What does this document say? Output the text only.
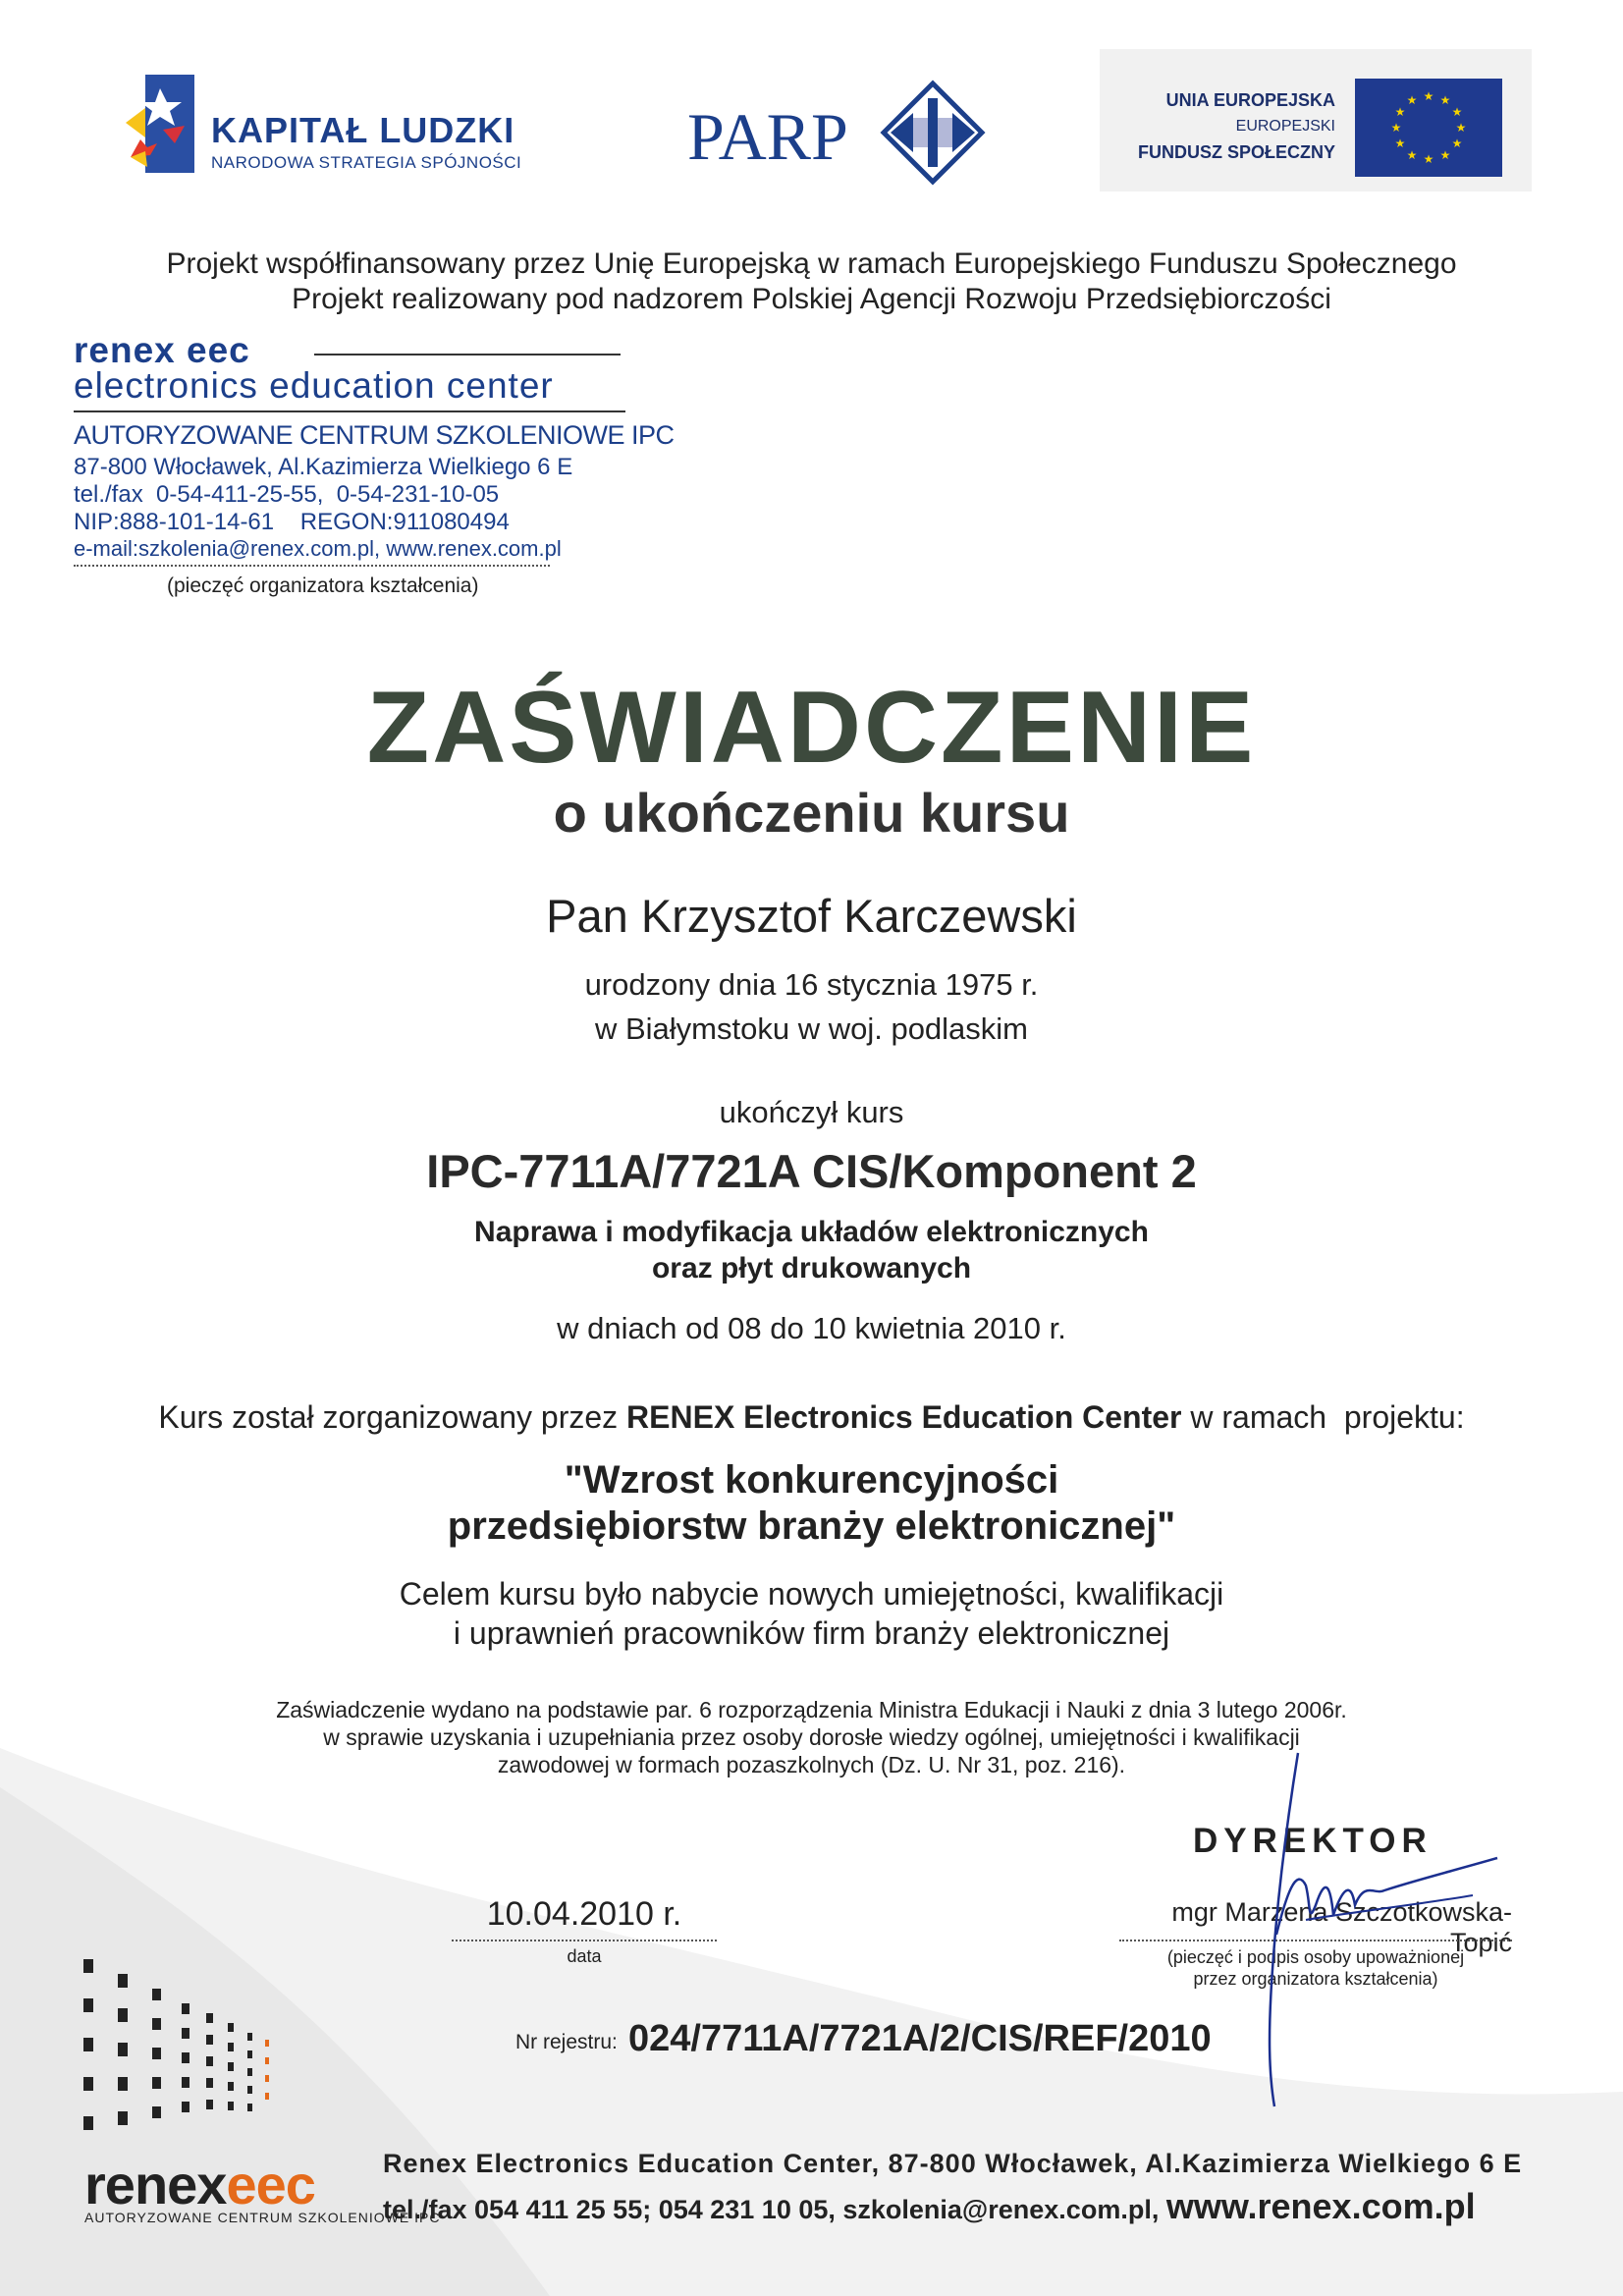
KAPITAŁ LUDZKI
NARODOWA STRATEGIA SPÓJNOŚCI PARP	UNIA EUROPEJSKA
EUROPEJSKI
FUNDUSZ SPOŁECZNY
★ ★
★
★
★
★
★
★
★
★
★
★
Projekt współfinansowany przez Unię Europejską w ramach Europejskiego Funduszu Społecznego
Projekt realizowany pod nadzorem Polskiej Agencji Rozwoju Przedsiębiorczości
renex eec
electronics education center
AUTORYZOWANE CENTRUM SZKOLENIOWE IPC
87-800 Włocławek, Al.Kazimierza Wielkiego 6 E
tel./fax  0-54-411-25-55,  0-54-231-10-05
NIP:888-101-14-61    REGON:911080494
e-mail:szkolenia@renex.com.pl, www.renex.com.pl
(pieczęć organizatora kształcenia)
ZAŚWIADCZENIE
o ukończeniu kursu
Pan Krzysztof Karczewski
urodzony dnia 16 stycznia 1975 r.
w Białymstoku w woj. podlaskim
ukończył kurs
IPC-7711A/7721A CIS/Komponent 2
Naprawa i modyfikacja układów elektronicznych
oraz płyt drukowanych
w dniach od 08 do 10 kwietnia 2010 r.
Kurs został zorganizowany przez RENEX Electronics Education Center w ramach  projektu:
"Wzrost konkurencyjności
przedsiębiorstw branży elektronicznej"
Celem kursu było nabycie nowych umiejętności, kwalifikacji
i uprawnień pracowników firm branży elektronicznej
Zaświadczenie wydano na podstawie par. 6 rozporządzenia Ministra Edukacji i Nauki z dnia 3 lutego 2006r.
w sprawie uzyskania i uzupełniania przez osoby dorosłe wiedzy ogólnej, umiejętności i kwalifikacji
zawodowej w formach pozaszkolnych (Dz. U. Nr 31, poz. 216).
DYREKTOR
10.04.2010 r.
data
mgr Marzena Szczotkowska-Topić
(pieczęć i podpis osoby upoważnionej
przez organizatora kształcenia)
Nr rejestru: 024/7711A/7721A/2/CIS/REF/2010
renexeec
AUTORYZOWANE CENTRUM SZKOLENIOWE IPC
Renex Electronics Education Center, 87-800 Włocławek, Al.Kazimierza Wielkiego 6 E
tel./fax 054 411 25 55; 054 231 10 05, szkolenia@renex.com.pl, www.renex.com.pl
